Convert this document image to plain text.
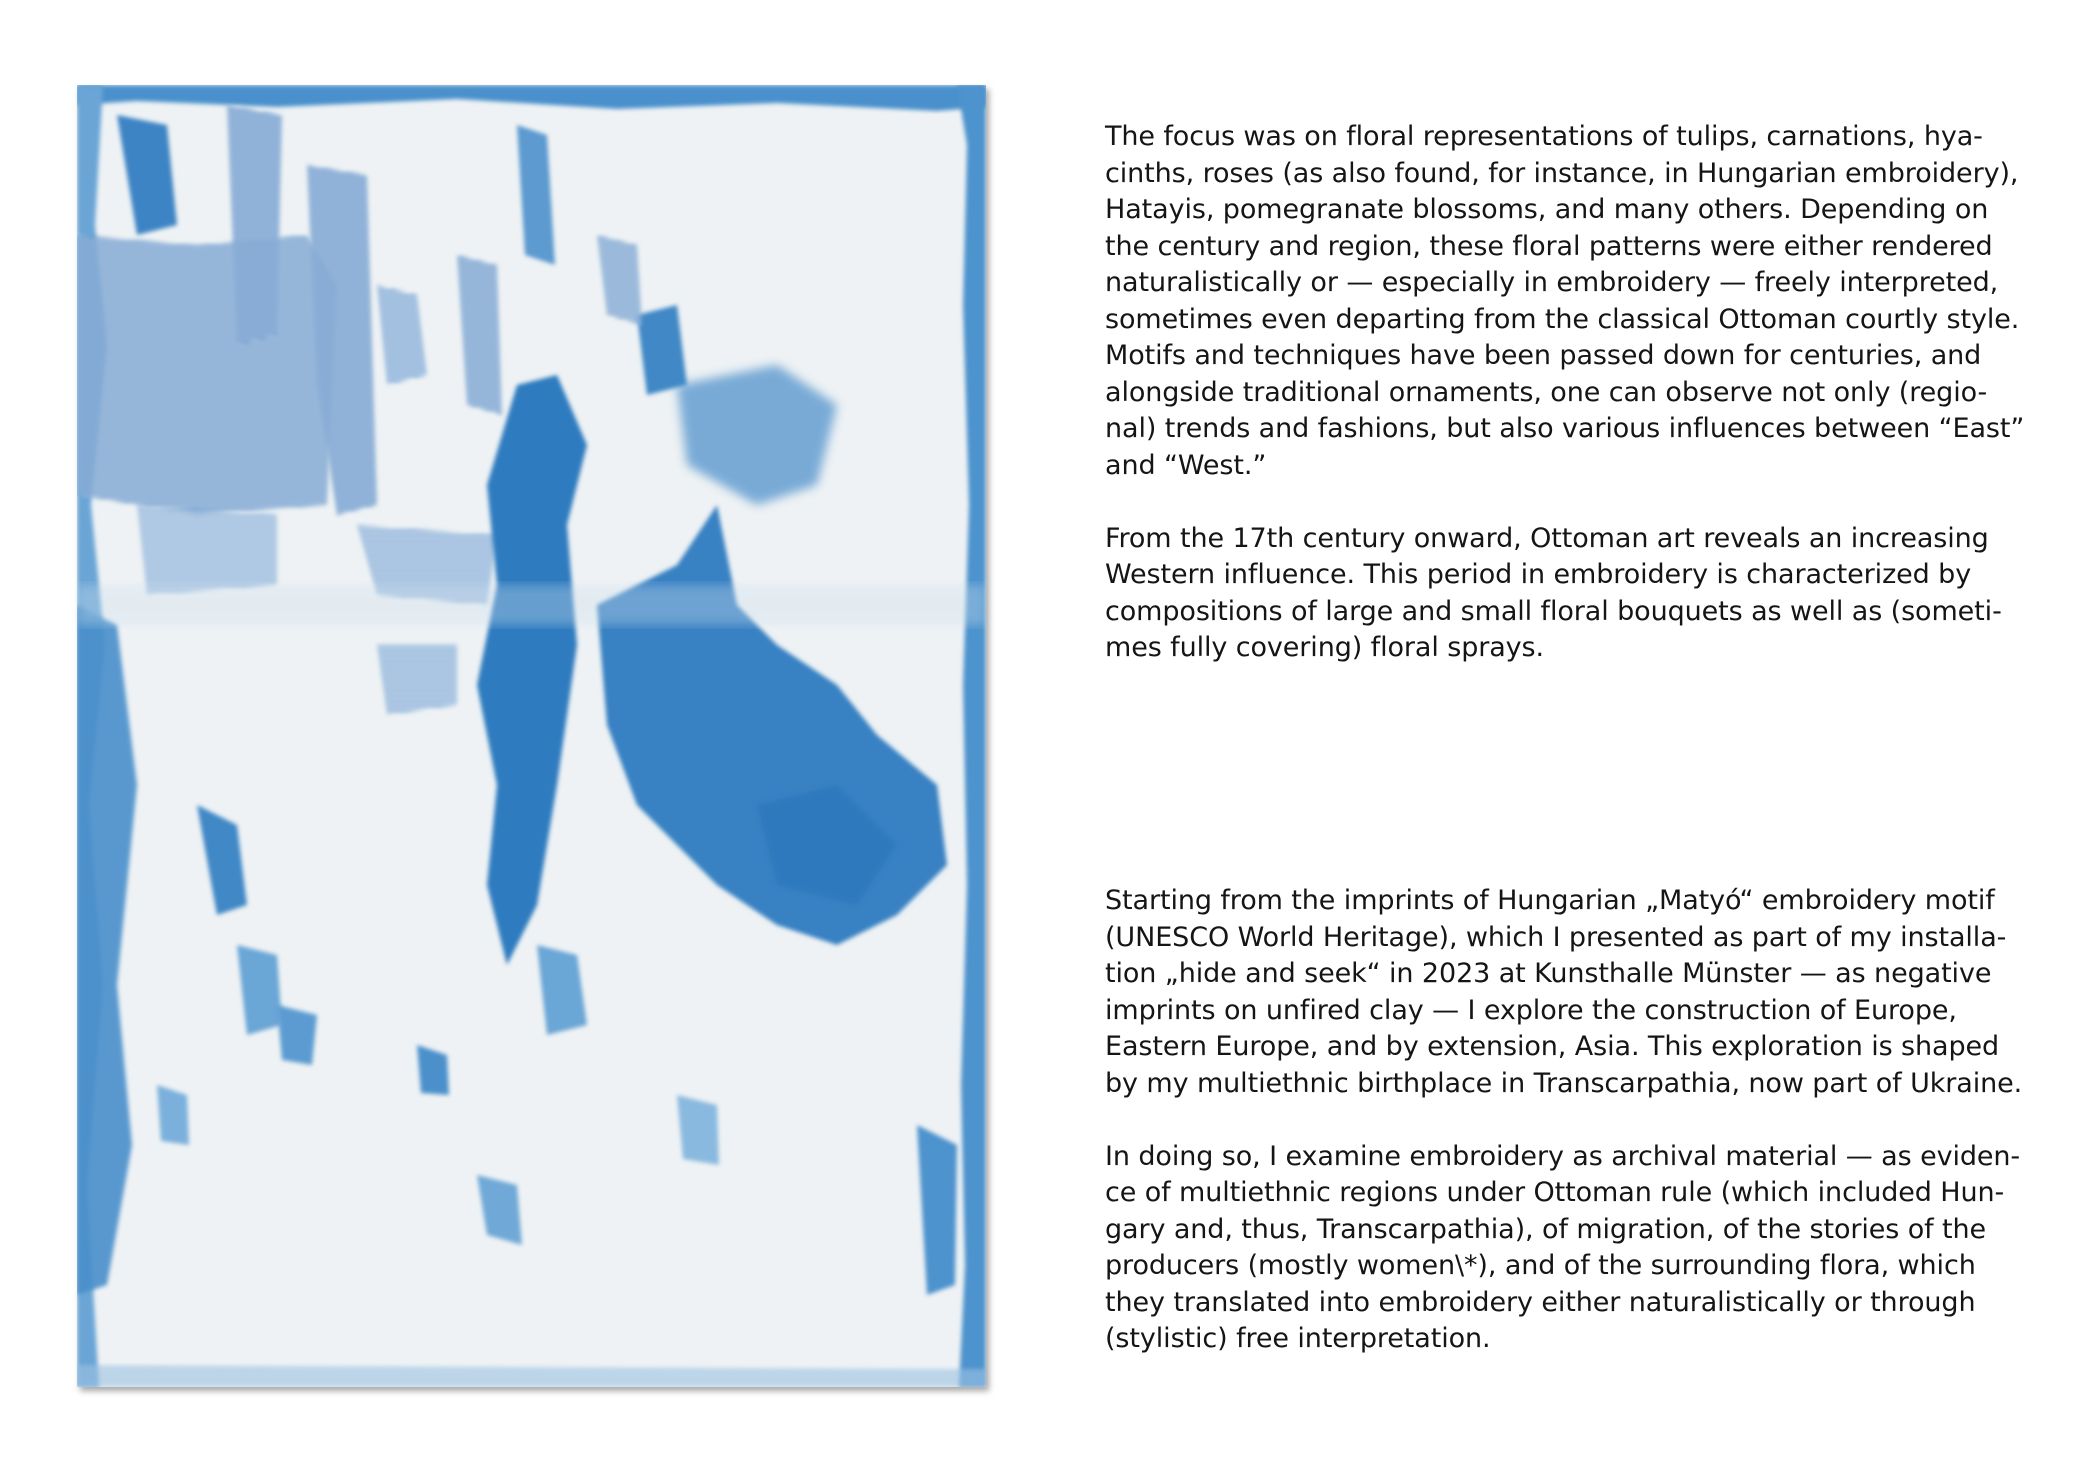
The focus was on floral representations of tulips, carnations, hya-
cinths, roses (as also found, for instance, in Hungarian embroidery),
Hatayis, pomegranate blossoms, and many others. Depending on
the century and region, these floral patterns were either rendered
naturalistically or — especially in embroidery — freely interpreted,
sometimes even departing from the classical Ottoman courtly style.
Motifs and techniques have been passed down for centuries, and
alongside traditional ornaments, one can observe not only (regio-
nal) trends and fashions, but also various influences between “East”
and “West.”

From the 17th century onward, Ottoman art reveals an increasing
Western influence. This period in embroidery is characterized by
compositions of large and small floral bouquets as well as (someti-
mes fully covering) floral sprays.

Starting from the imprints of Hungarian „Matyó“ embroidery motif
(UNESCO World Heritage), which I presented as part of my installa-
tion „hide and seek“ in 2023 at Kunsthalle Münster — as negative
imprints on unfired clay — I explore the construction of Europe,
Eastern Europe, and by extension, Asia. This exploration is shaped
by my multiethnic birthplace in Transcarpathia, now part of Ukraine.

In doing so, I examine embroidery as archival material — as eviden-
ce of multiethnic regions under Ottoman rule (which included Hun-
gary and, thus, Transcarpathia), of migration, of the stories of the
producers (mostly women\*), and of the surrounding flora, which
they translated into embroidery either naturalistically or through
(stylistic) free interpretation.
